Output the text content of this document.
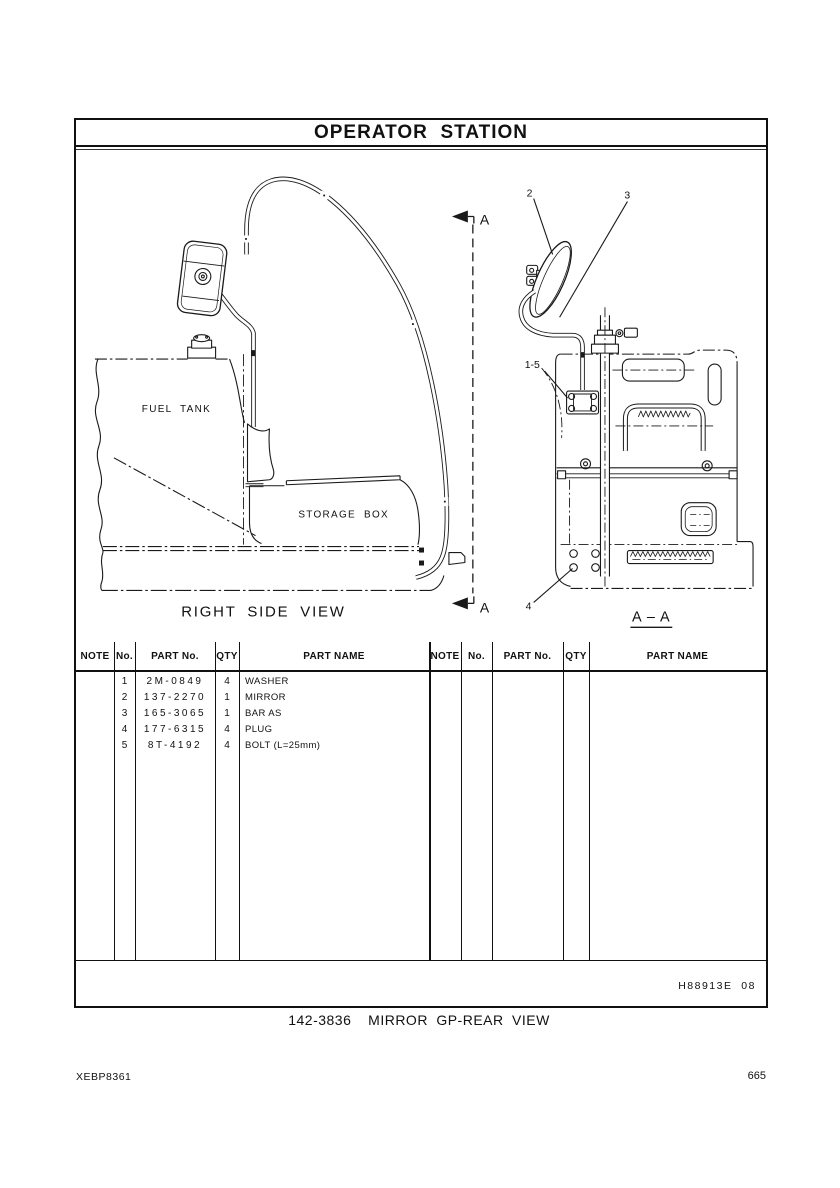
OPERATOR  STATION
FUEL TANK
STORAGE BOX
A
A
RIGHT SIDE VIEW
2	3
1-5
4
A – A
NOTE No.	PART No.	QTY	PART NAME	NOTE No.	PART No.	QTY	PART NAME
1	2M-0849	4	WASHER
2	137-2270	1	MIRROR
3	165-3065	1	BAR AS
4	177-6315	4	PLUG
5	8T-4192	4	BOLT (L=25mm)
H88913E  08
142-3836  MIRROR GP-REAR VIEW
XEBP8361	665
